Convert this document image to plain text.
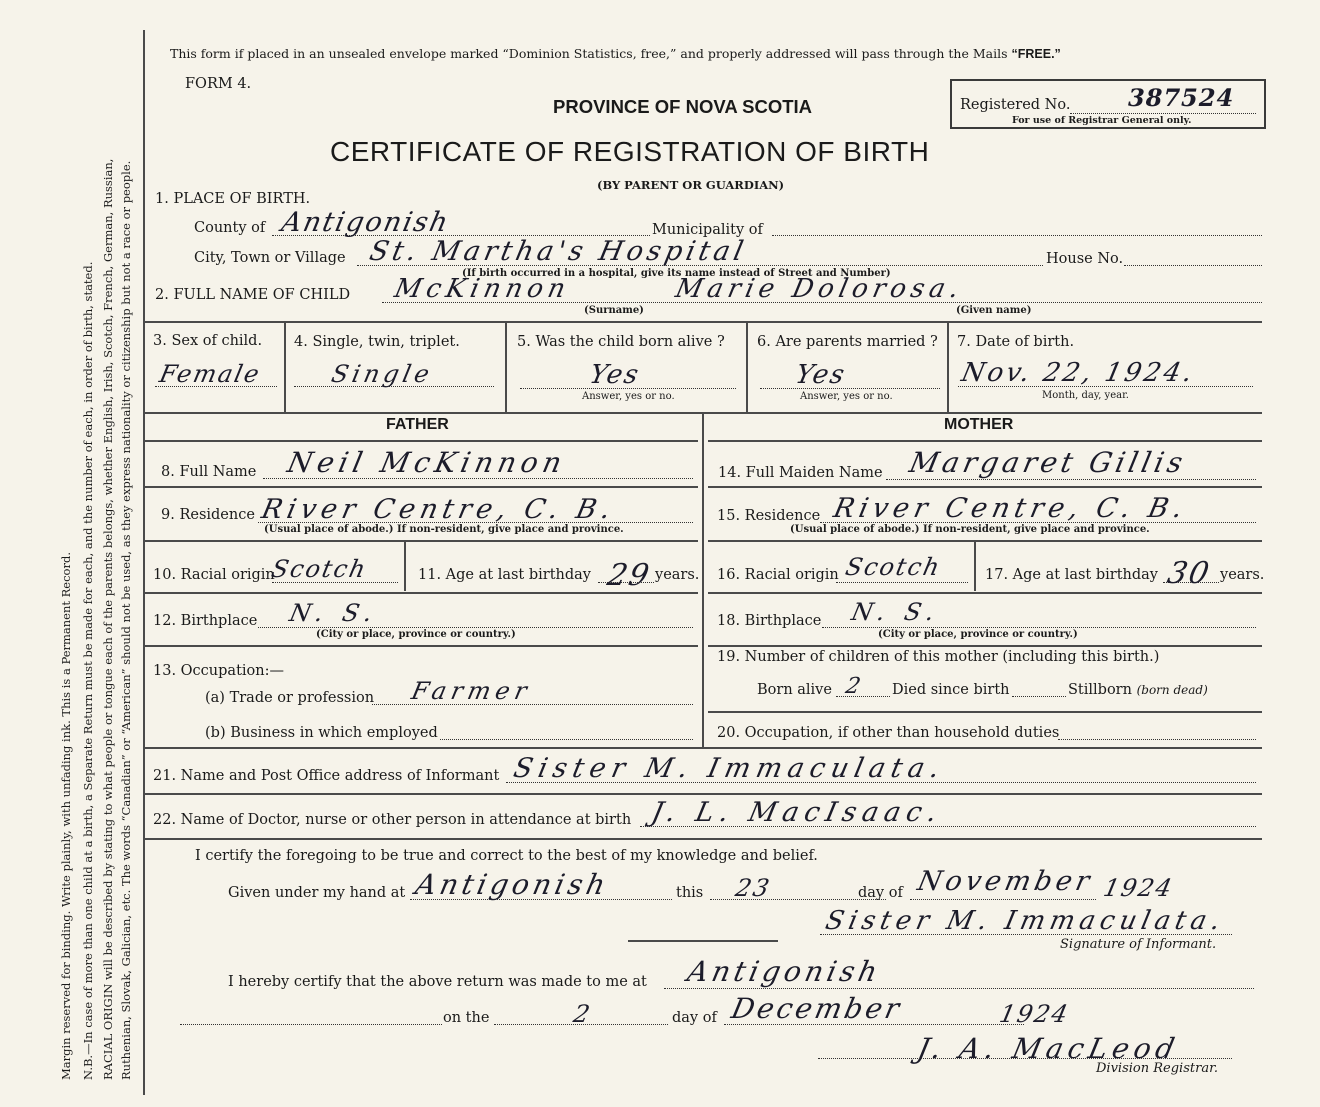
Margin reserved for binding. Write plainly, with unfading ink. This is a Permanent Record. N.B.—In case of more than one child at a birth, a Separate Return must be made for each, and the number of each, in order of birth, stated. RACIAL ORIGIN will be described by stating to what people or tongue each of the parents belongs, whether English, Irish, Scotch, French, German, Russian, Ruthenian, Slovak, Galician, etc. The words “Canadian” or “American” should not be used, as they express nationality or citizenship but not a race or people.
This form if placed in an unsealed envelope marked “Dominion Statistics, free,” and properly addressed will pass through the Mails “FREE.”
FORM 4.
PROVINCE OF NOVA SCOTIA
CERTIFICATE OF REGISTRATION OF BIRTH
(BY PARENT OR GUARDIAN)
Registered No. 387524
For use of Registrar General only.
1. PLACE OF BIRTH.
County of Antigonish	Municipality of
City, Town or Village St. Martha's Hospital
(If birth occurred in a hospital, give its name instead of Street and Number)
House No.
2. FULL NAME OF CHILD McKinnon	Marie Dolorosa.
(Surname)	(Given name)
3. Sex of child.
Female
4. Single, twin, triplet.
Single
5. Was the child born alive ?
Yes
Answer, yes or no.
6. Are parents married ?
Yes
Answer, yes or no.
7. Date of birth.
Nov. 22, 1924.
Month, day, year.
FATHER	MOTHER
8. Full Name Neil McKinnon
9. Residence River Centre, C. B.
(Usual place of abode.) If non-resident, give place and province.
10. Racial origin
Scotch	11. Age at last birthday 29 years.
12. Birthplace N. S.
(City or place, province or country.)
13. Occupation:—
(a) Trade or profession Farmer
(b) Business in which employed
14. Full Maiden Name Margaret Gillis
15. Residence River Centre, C. B.
(Usual place of abode.) If non-resident, give place and province.
16. Racial origin Scotch	17. Age at last birthday 30 years.
18. Birthplace N. S.
(City or place, province or country.)
19. Number of children of this mother (including this birth.)
Born alive 2 Died since birth	Stillborn (born dead)
20. Occupation, if other than household duties
21. Name and Post Office address of Informant Sister M. Immaculata.
22. Name of Doctor, nurse or other person in attendance at birth J. L. MacIsaac.
I certify the foregoing to be true and correct to the best of my knowledge and belief.
Given under my hand at Antigonish	this 23	day of November 1924
Sister M. Immaculata.
Signature of Informant.
I hereby certify that the above return was made to me at Antigonish
on the	2	day of December	1924
J. A. MacLeod
Division Registrar.
